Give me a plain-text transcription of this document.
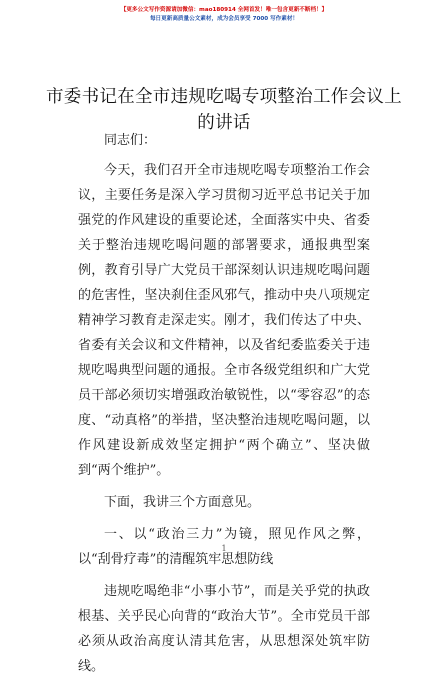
【更多公文写作资源请加微信：mao180914 全网首发！唯一包含更新不断档！】
每日更新高质量公文素材，成为会员享受 7000 写作素材！
市委书记在全市违规吃喝专项整治工作会议上的讲话

同志们：

今天，我们召开全市违规吃喝专项整治工作会议，主要任务是深入学习贯彻习近平总书记关于加强党的作风建设的重要论述，全面落实中央、省委关于整治违规吃喝问题的部署要求，通报典型案例，教育引导广大党员干部深刻认识违规吃喝问题的危害性，坚决刹住歪风邪气，推动中央八项规定精神学习教育走深走实。刚才，我们传达了中央、省委有关会议和文件精神，以及省纪委监委关于违规吃喝典型问题的通报。全市各级党组织和广大党员干部必须切实增强政治敏锐性，以“零容忍”的态度、“动真格”的举措，坚决整治违规吃喝问题，以作风建设新成效坚定拥护“两个确立”、坚决做到“两个维护”。

下面，我讲三个方面意见。

一、以“政治三力”为镜，照见作风之弊，以“刮骨疗毒”的清醒筑牢思想防线

违规吃喝绝非“小事小节”，而是关乎党的执政根基、关乎民心向背的“政治大节”。全市党员干部必须从政治高度认清其危害，从思想深处筑牢防线。

1
